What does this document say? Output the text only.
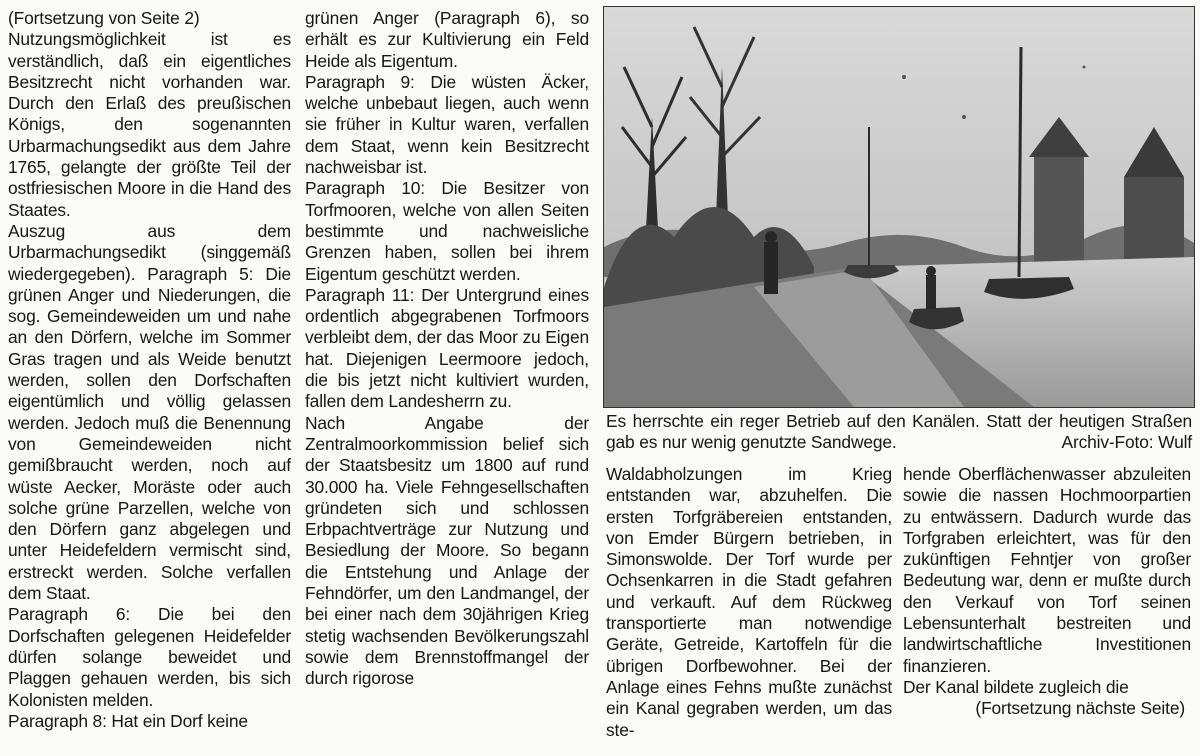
(Fortsetzung von Seite 2)

Nutzungsmöglichkeit ist es verständlich, daß ein eigentliches Besitzrecht nicht vorhanden war. Durch den Erlaß des preußischen Königs, den sogenannten Urbarmachungsedikt aus dem Jahre 1765, gelangte der größte Teil der ostfriesischen Moore in die Hand des Staates.

Auszug aus dem Urbarmachungsedikt (singgemäß wiedergegeben). Paragraph 5: Die grünen Anger und Niederungen, die sog. Gemeindeweiden um und nahe an den Dörfern, welche im Sommer Gras tragen und als Weide benutzt werden, sollen den Dorfschaften eigentümlich und völlig gelassen werden. Jedoch muß die Benennung von Gemeindeweiden nicht gemißbraucht werden, noch auf wüste Aecker, Moräste oder auch solche grüne Parzellen, welche von den Dörfern ganz abgelegen und unter Heidefeldern vermischt sind, erstreckt werden. Solche verfallen dem Staat.

Paragraph 6: Die bei den Dorfschaften gelegenen Heidefelder dürfen solange beweidet und Plaggen gehauen werden, bis sich Kolonisten melden.

Paragraph 8: Hat ein Dorf keine

grünen Anger (Paragraph 6), so erhält es zur Kultivierung ein Feld Heide als Eigentum.

Paragraph 9: Die wüsten Äcker, welche unbebaut liegen, auch wenn sie früher in Kultur waren, verfallen dem Staat, wenn kein Besitzrecht nachweisbar ist.

Paragraph 10: Die Besitzer von Torfmooren, welche von allen Seiten bestimmte und nachweisliche Grenzen haben, sollen bei ihrem Eigentum geschützt werden.

Paragraph 11: Der Untergrund eines ordentlich abgegrabenen Torfmoors verbleibt dem, der das Moor zu Eigen hat. Diejenigen Leermoore jedoch, die bis jetzt nicht kultiviert wurden, fallen dem Landesherrn zu.

Nach Angabe der Zentralmoorkommission belief sich der Staatsbesitz um 1800 auf rund 30.000 ha. Viele Fehngesellschaften gründeten sich und schlossen Erbpachtverträge zur Nutzung und Besiedlung der Moore. So begann die Entstehung und Anlage der Fehndörfer, um den Landmangel, der bei einer nach dem 30jährigen Krieg stetig wachsenden Bevölkerungszahl sowie dem Brennstoffmangel der durch rigorose

Es herrschte ein reger Betrieb auf den Kanälen. Statt der heutigen Straßen gab es nur wenig genutzte Sandwege.	Archiv-Foto: Wulf

Waldabholzungen im Krieg entstanden war, abzuhelfen. Die ersten Torfgräbereien entstanden, von Emder Bürgern betrieben, in Simonswolde. Der Torf wurde per Ochsenkarren in die Stadt gefahren und verkauft. Auf dem Rückweg transportierte man notwendige Geräte, Getreide, Kartoffeln für die übrigen Dorfbewohner. Bei der Anlage eines Fehns mußte zunächst ein Kanal gegraben werden, um das ste-

hende Oberflächenwasser abzuleiten sowie die nassen Hochmoorpartien zu entwässern. Dadurch wurde das Torfgraben erleichtert, was für den zukünftigen Fehntjer von großer Bedeutung war, denn er mußte durch den Verkauf von Torf seinen Lebensunterhalt bestreiten und landwirtschaftliche Investitionen finanzieren.

Der Kanal bildete zugleich die

(Fortsetzung nächste Seite)
